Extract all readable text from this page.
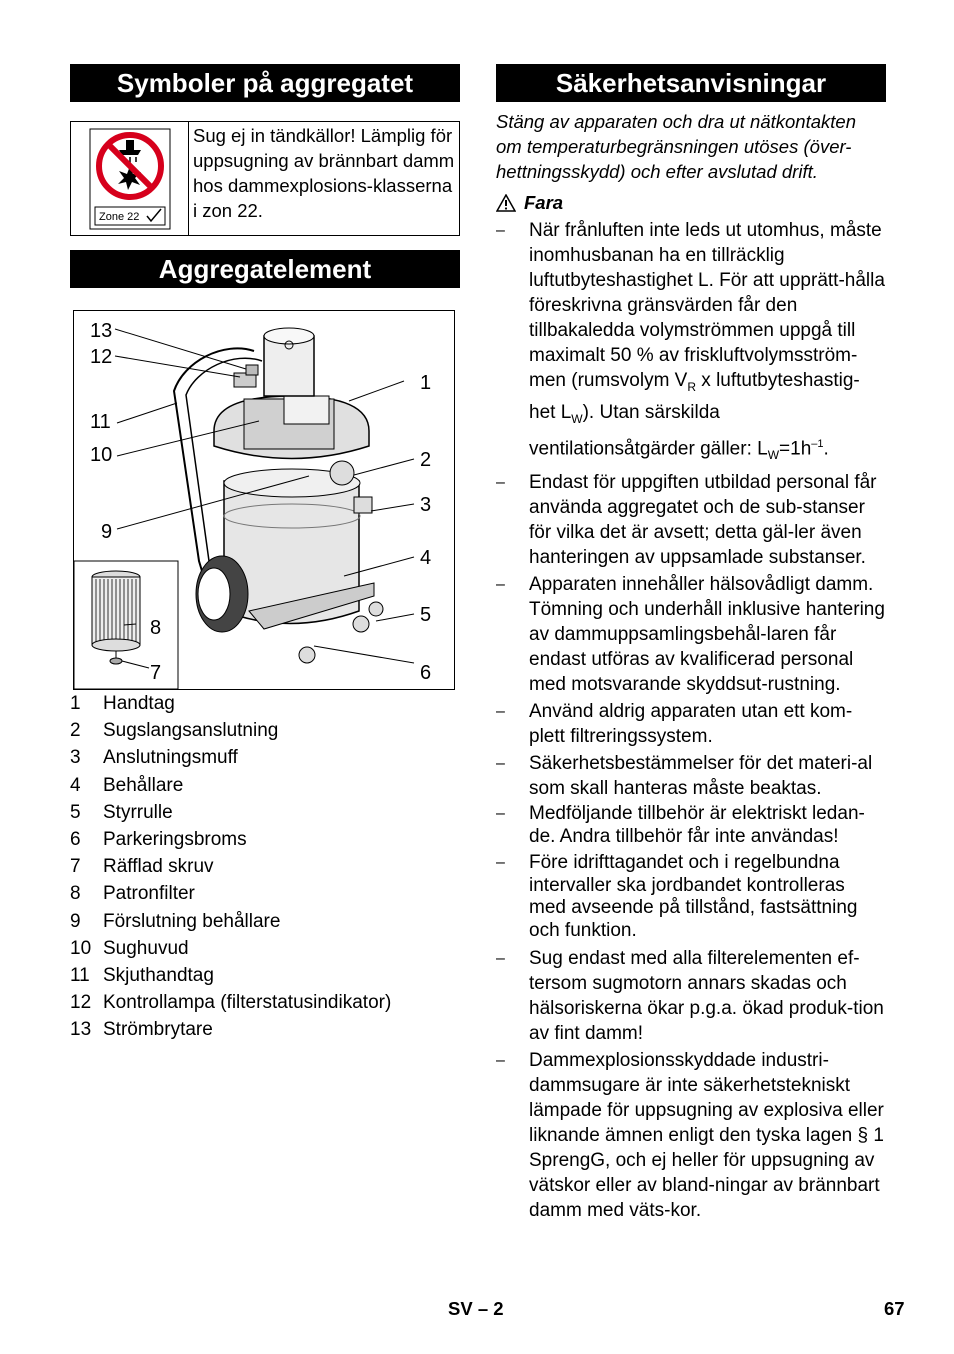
Symboler på aggregatet
Zone 22
Sug ej in tändkällor! Lämplig för uppsugning av brännbart damm hos dammexplosions-klasserna i zon 22.
Aggregatelement
13
12
1
11
10	2
3
9
4
5
8
7	6
1	Handtag
2	Sugslangsanslutning
3	Anslutningsmuff
4	Behållare
5	Styrrulle
6	Parkeringsbroms
7	Räfflad skruv
8	Patronfilter
9	Förslutning behållare
10 Sughuvud
11 Skjuthandtag
12 Kontrollampa (filterstatusindikator)
13 Strömbrytare
Säkerhetsanvisningar
Stäng av apparaten och dra ut nätkontakten om temperaturbegränsningen utöses (över-hettningsskydd) och efter avslutad drift.
Fara
–	När frånluften inte leds ut utomhus, måste inomhusbanan ha en tillräcklig luftutbyteshastighet L. För att upprätt-hålla föreskrivna gränsvärden får den tillbakaledda volymströmmen uppgå till maximalt 50 % av friskluftvolymsström-men (rumsvolym $V_R$ x luftutbyteshastig-het $L_W$). Utan särskilda ventilationsåtgärder gäller: $L_W=1h^{-1}$.
–	Endast för uppgiften utbildad personal får använda aggregatet och de sub-stanser för vilka det är avsett; detta gäl-ler även hanteringen av uppsamlade substanser.
–	Apparaten innehåller hälsovådligt damm. Tömning och underhåll inklusive hantering av dammuppsamlingsbehål-laren får endast utföras av kvalificerad personal med motsvarande skyddsut-rustning.
–	Använd aldrig apparaten utan ett kom-plett filtreringssystem.
–	Säkerhetsbestämmelser för det materi-al som skall hanteras måste beaktas.
–	Medföljande tillbehör är elektriskt ledan-de. Andra tillbehör får inte användas!
–	Före idrifttagandet och i regelbundna intervaller ska jordbandet kontrolleras med avseende på tillstånd, fastsättning och funktion.
–	Sug endast med alla filterelementen ef-tersom sugmotorn annars skadas och hälsoriskerna ökar p.g.a. ökad produk-tion av fint damm!
–	Dammexplosionsskyddade industri-dammsugare är inte säkerhetstekniskt lämpade för uppsugning av explosiva eller liknande ämnen enligt den tyska lagen § 1 SprengG, och ej heller för uppsugning av vätskor eller av bland-ningar av brännbart damm med väts-kor.
SV – 2	67
